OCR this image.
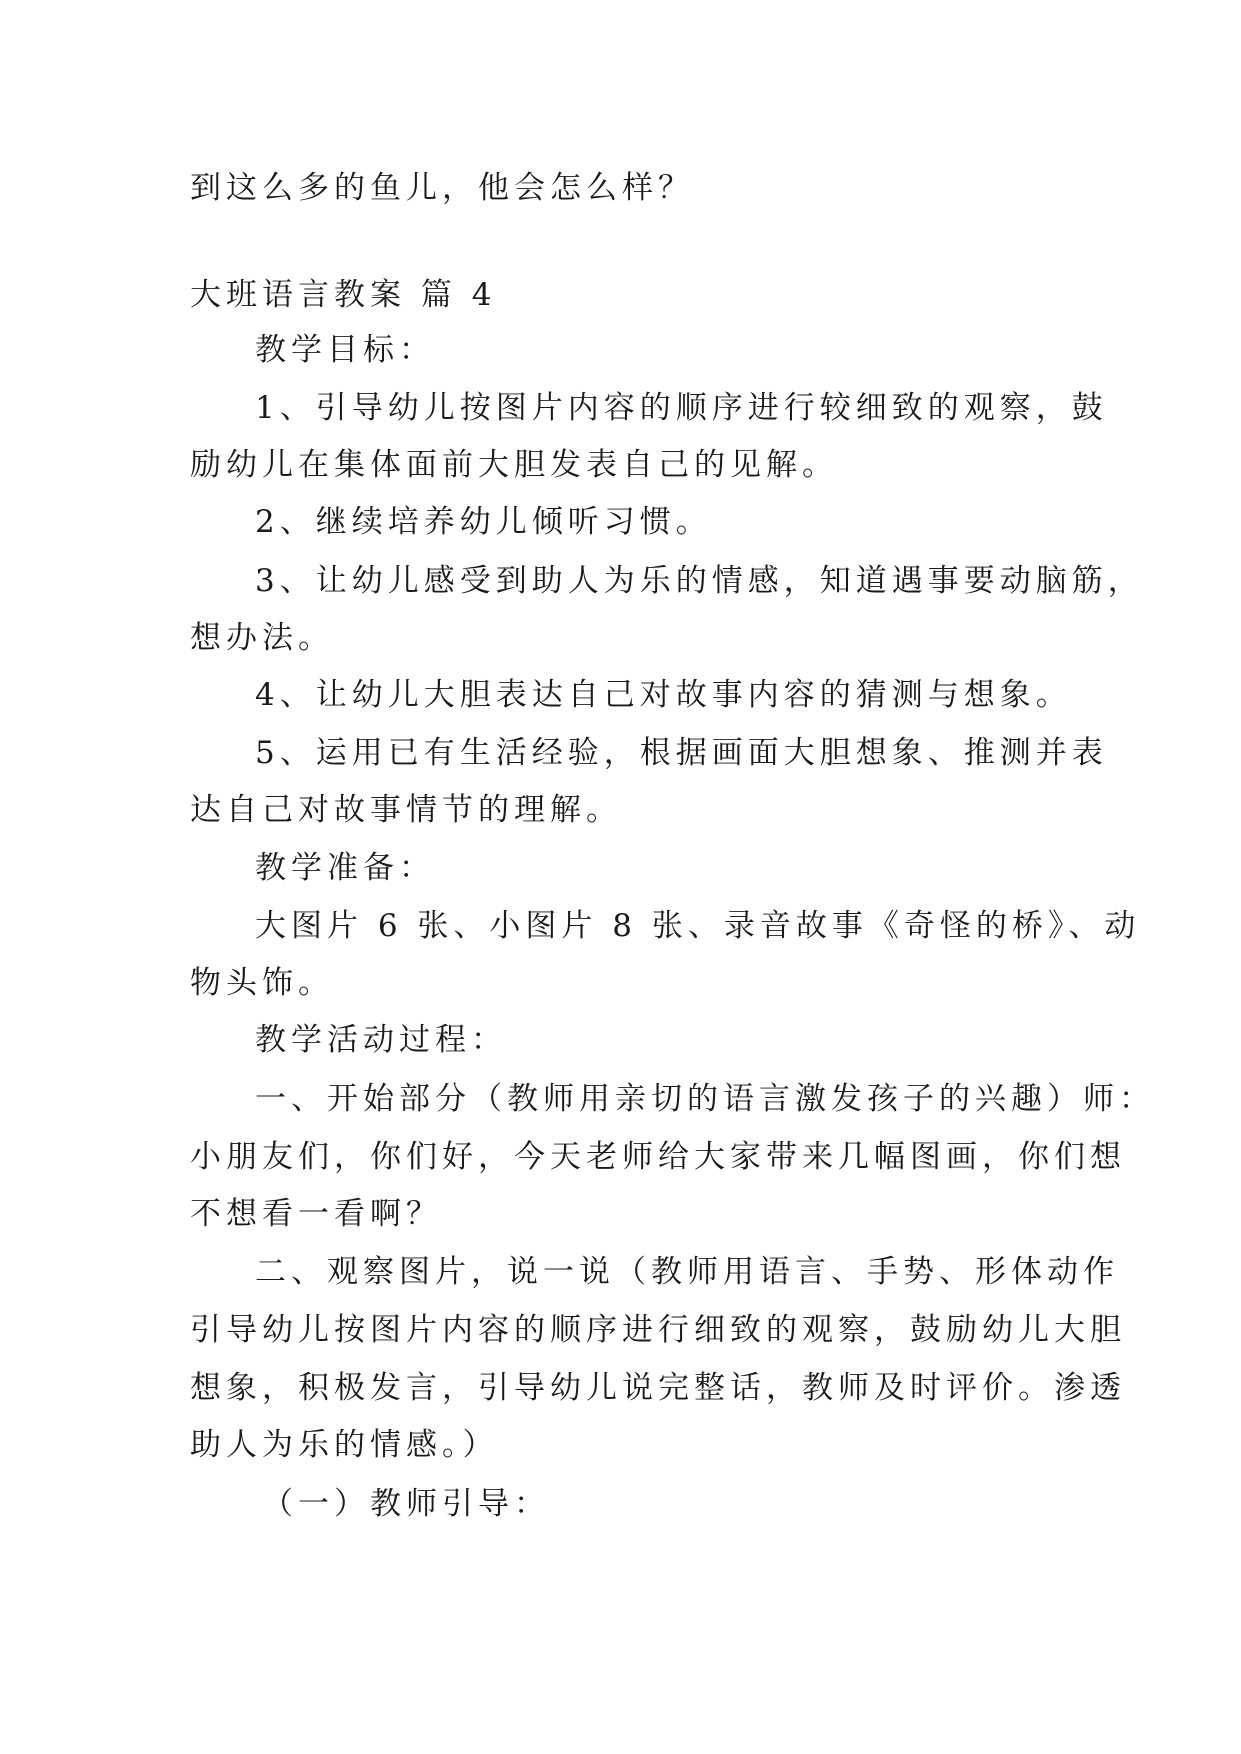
到这么多的鱼儿，他会怎么样？
大班语言教案 篇 4
教学目标：
1、引导幼儿按图片内容的顺序进行较细致的观察，鼓
励幼儿在集体面前大胆发表自己的见解。
2、继续培养幼儿倾听习惯。
3、让幼儿感受到助人为乐的情感，知道遇事要动脑筋，
想办法。
4、让幼儿大胆表达自己对故事内容的猜测与想象。
5、运用已有生活经验，根据画面大胆想象、推测并表
达自己对故事情节的理解。
教学准备：
大图片 6 张、小图片 8 张、录音故事《奇怪的桥》、动
物头饰。
教学活动过程：
一、开始部分（教师用亲切的语言激发孩子的兴趣）师：
小朋友们，你们好，今天老师给大家带来几幅图画，你们想
不想看一看啊？
二、观察图片，说一说（教师用语言、手势、形体动作
引导幼儿按图片内容的顺序进行细致的观察，鼓励幼儿大胆
想象，积极发言，引导幼儿说完整话，教师及时评价。渗透
助人为乐的情感。）
（一）教师引导：
